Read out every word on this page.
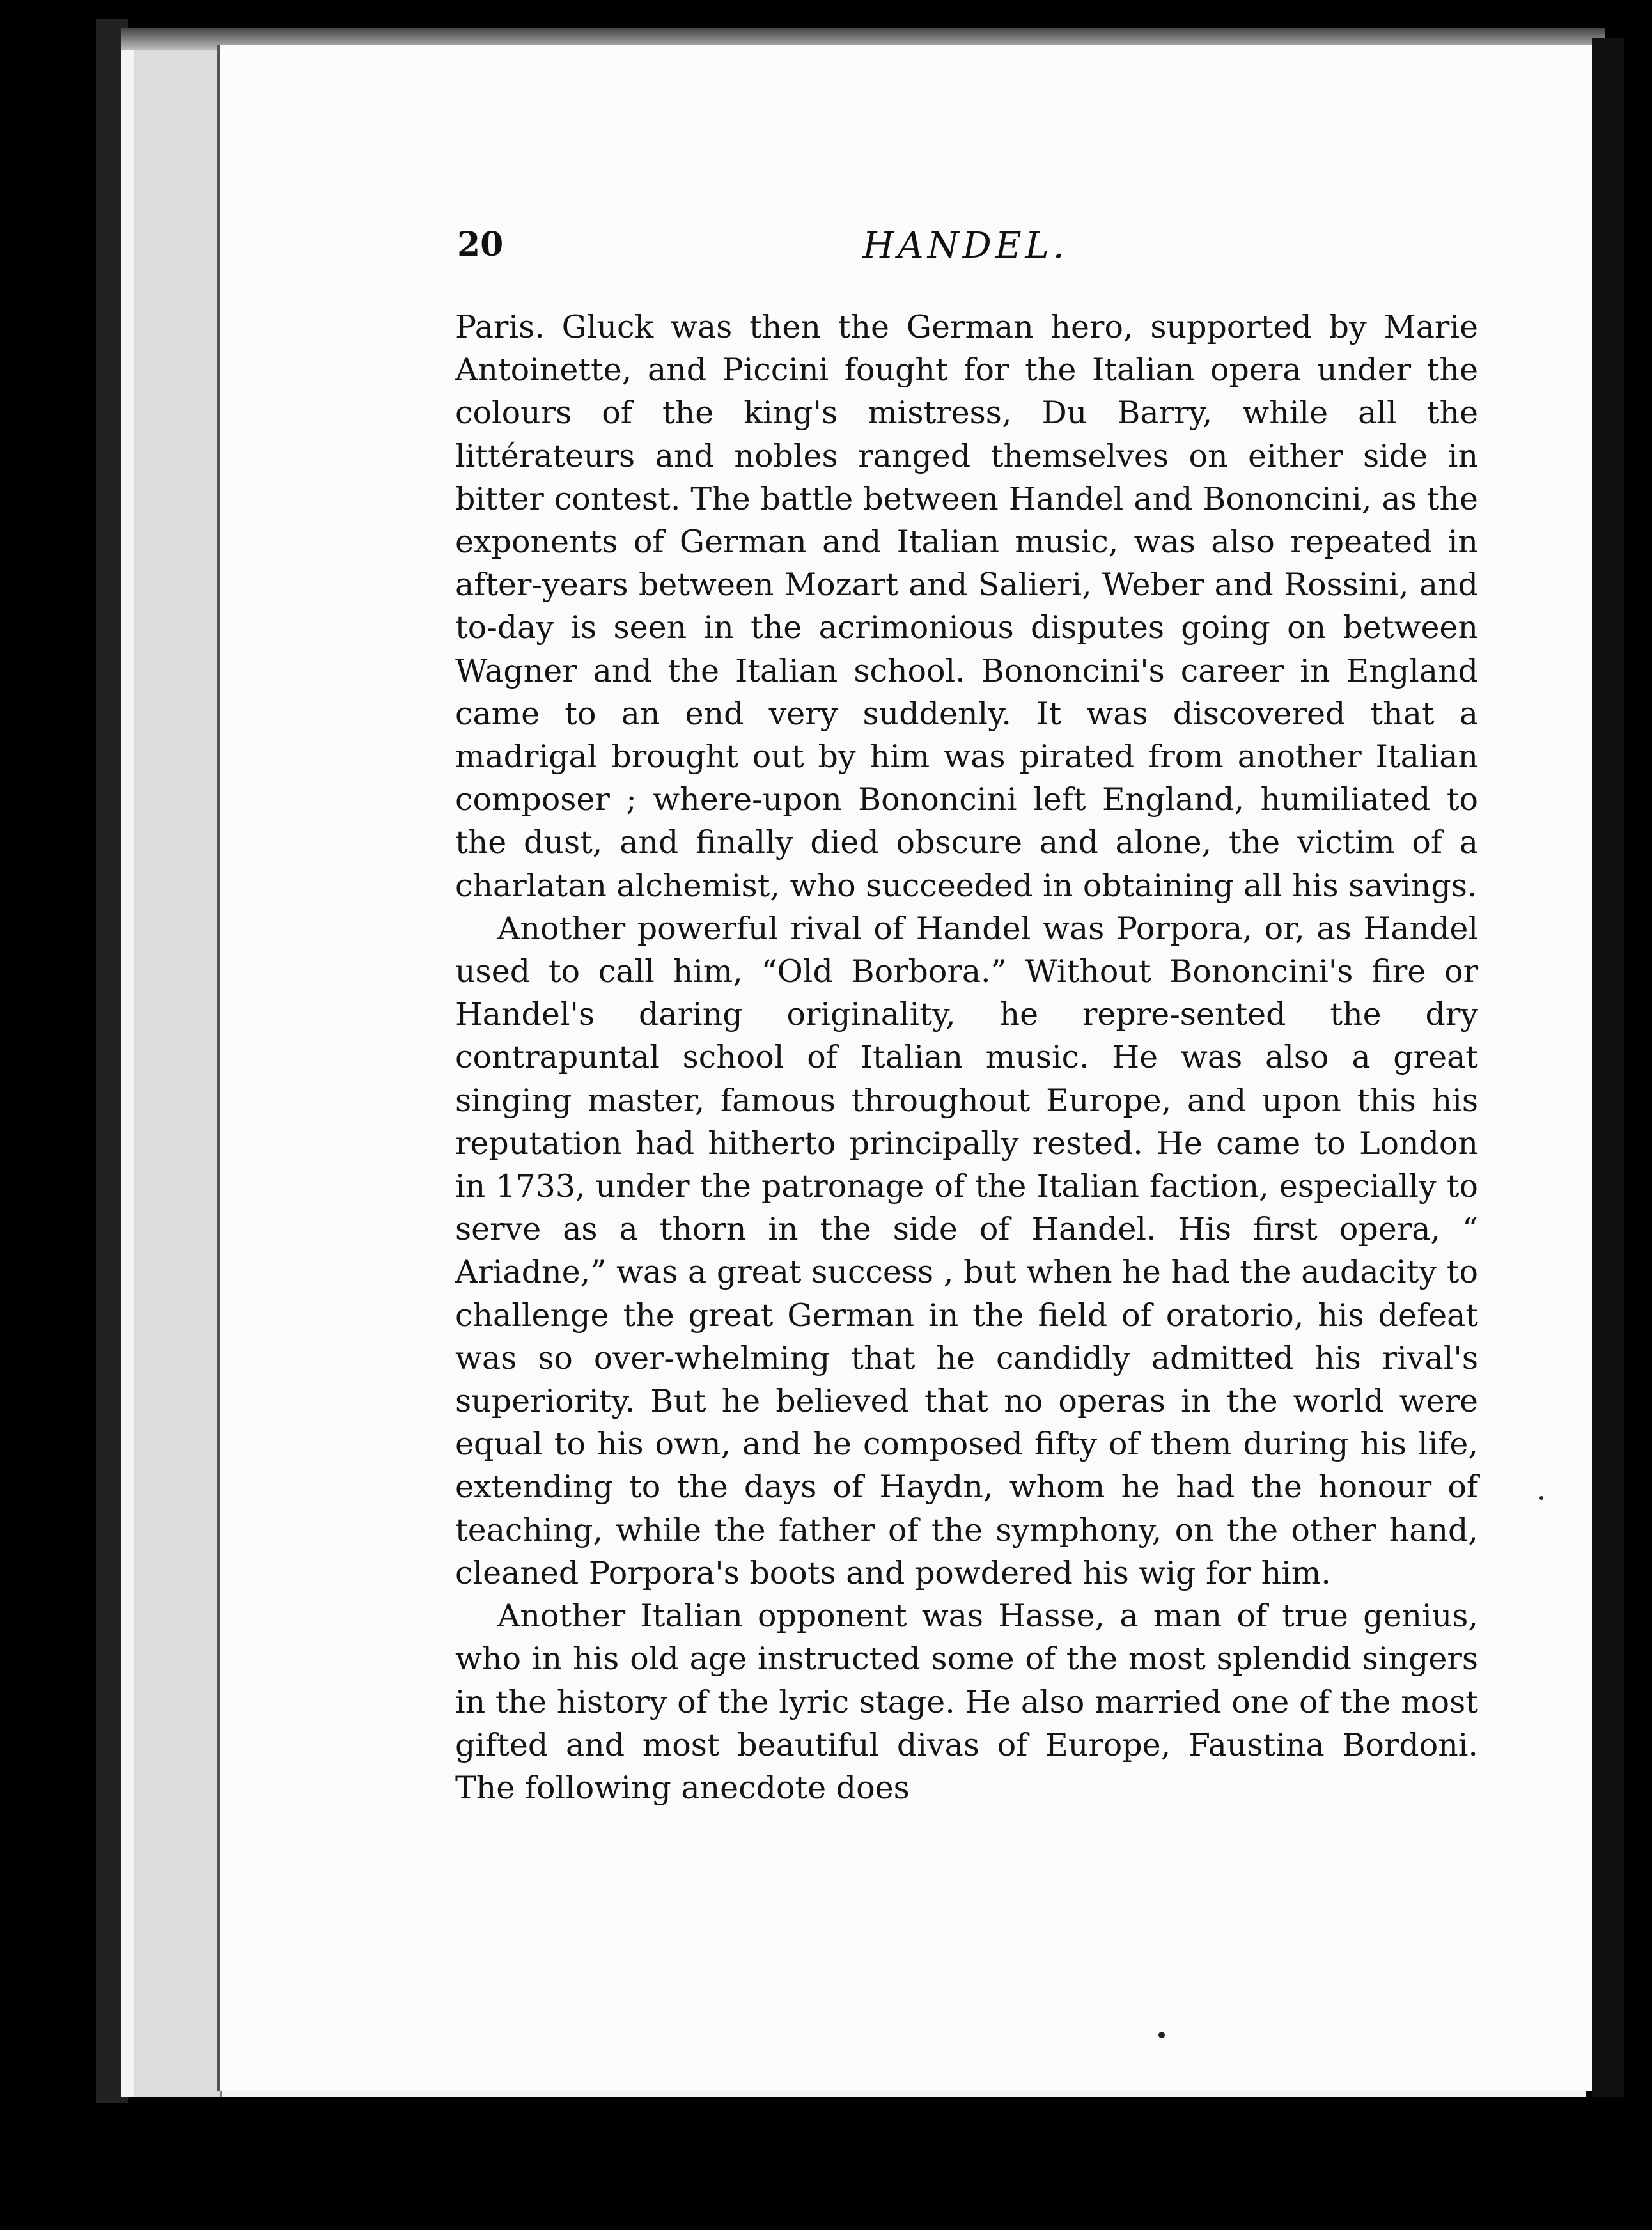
20	HANDEL.

Paris. Gluck was then the German hero, supported by Marie Antoinette, and Piccini fought for the Italian opera under the colours of the king's mistress, Du Barry, while all the littérateurs and nobles ranged themselves on either side in bitter contest. The battle between Handel and Bononcini, as the exponents of German and Italian music, was also repeated in after-years between Mozart and Salieri, Weber and Rossini, and to-day is seen in the acrimonious disputes going on between Wagner and the Italian school. Bononcini's career in England came to an end very suddenly. It was discovered that a madrigal brought out by him was pirated from another Italian composer ; where-upon Bononcini left England, humiliated to the dust, and finally died obscure and alone, the victim of a charlatan alchemist, who succeeded in obtaining all his savings.

Another powerful rival of Handel was Porpora, or, as Handel used to call him, “Old Borbora.” Without Bononcini's fire or Handel's daring originality, he repre-sented the dry contrapuntal school of Italian music. He was also a great singing master, famous throughout Europe, and upon this his reputation had hitherto principally rested. He came to London in 1733, under the patronage of the Italian faction, especially to serve as a thorn in the side of Handel. His first opera, “ Ariadne,” was a great success , but when he had the audacity to challenge the great German in the field of oratorio, his defeat was so over-whelming that he candidly admitted his rival's superiority. But he believed that no operas in the world were equal to his own, and he composed fifty of them during his life, extending to the days of Haydn, whom he had the honour of teaching, while the father of the symphony, on the other hand, cleaned Porpora's boots and powdered his wig for him.

Another Italian opponent was Hasse, a man of true genius, who in his old age instructed some of the most splendid singers in the history of the lyric stage. He also married one of the most gifted and most beautiful divas of Europe, Faustina Bordoni. The following anecdote does
